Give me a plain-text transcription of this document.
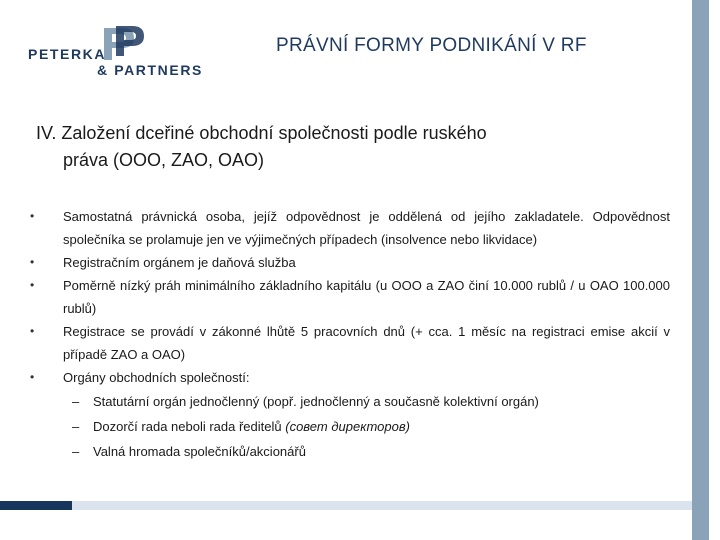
PETERKA
& PARTNERS
PRÁVNÍ FORMY PODNIKÁNÍ V RF
IV. Založení dceřiné obchodní společnosti podle ruského
práva (OOO, ZAO, OAO)
• Samostatná právnická osoba, jejíž odpovědnost je oddělená od jejího zakladatele. Odpovědnost společníka se prolamuje jen ve výjimečných případech (insolvence nebo likvidace)
• Registračním orgánem je daňová služba
• Poměrně nízký práh minimálního základního kapitálu (u OOO a ZAO činí 10.000 rublů / u OAO 100.000 rublů)
• Registrace se provádí v zákonné lhůtě 5 pracovních dnů (+ cca. 1 měsíc na registraci emise akcií v případě ZAO a OAO)
• Orgány obchodních společností:
– Statutární orgán jednočlenný (popř. jednočlenný a současně kolektivní orgán)
– Dozorčí rada neboli rada ředitelů (совет директоров)
– Valná hromada společníků/akcionářů
